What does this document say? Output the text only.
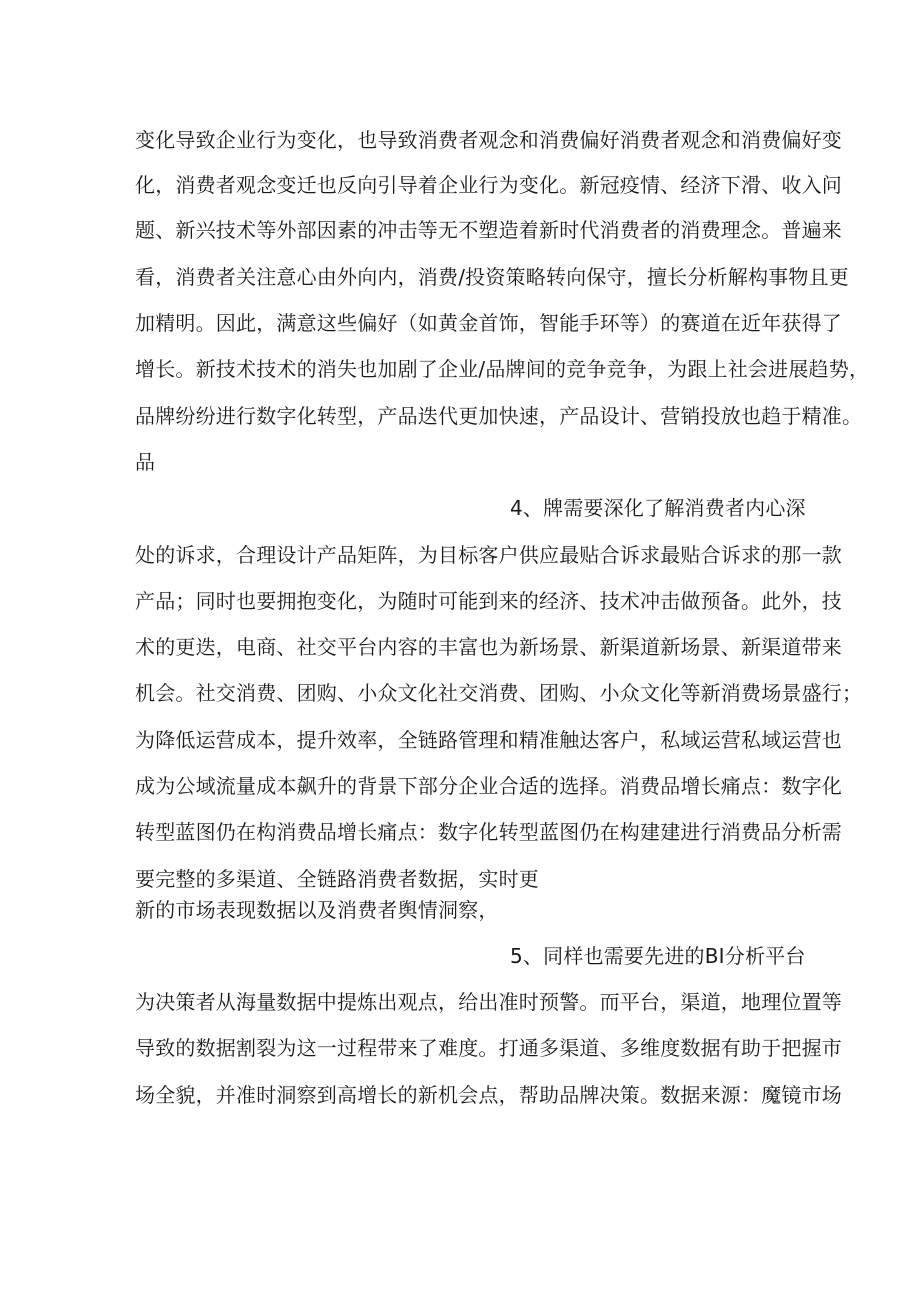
变化导致企业行为变化，也导致消费者观念和消费偏好消费者观念和消费偏好变
化，消费者观念变迁也反向引导着企业行为变化。新冠疫情、经济下滑、收入问
题、新兴技术等外部因素的冲击等无不塑造着新时代消费者的消费理念。普遍来
看，消费者关注意心由外向内，消费/投资策略转向保守，擅长分析解构事物且更
加精明。因此，满意这些偏好（如黄金首饰，智能手环等）的赛道在近年获得了
增长。新技术技术的消失也加剧了企业/品牌间的竞争竞争，为跟上社会进展趋势，
品牌纷纷进行数字化转型，产品迭代更加快速，产品设计、营销投放也趋于精准。
品
4、牌需要深化了解消费者内心深
处的诉求，合理设计产品矩阵，为目标客户供应最贴合诉求最贴合诉求的那一款
产品；同时也要拥抱变化，为随时可能到来的经济、技术冲击做预备。此外，技
术的更迭，电商、社交平台内容的丰富也为新场景、新渠道新场景、新渠道带来
机会。社交消费、团购、小众文化社交消费、团购、小众文化等新消费场景盛行；
为降低运营成本，提升效率，全链路管理和精准触达客户，私域运营私域运营也
成为公域流量成本飙升的背景下部分企业合适的选择。消费品增长痛点：数字化
转型蓝图仍在构消费品增长痛点：数字化转型蓝图仍在构建建进行消费品分析需
要完整的多渠道、全链路消费者数据，实时更
新的市场表现数据以及消费者舆情洞察，
5、同样也需要先进的BI分析平台
为决策者从海量数据中提炼出观点，给出准时预警。而平台，渠道，地理位置等
导致的数据割裂为这一过程带来了难度。打通多渠道、多维度数据有助于把握市
场全貌，并准时洞察到高增长的新机会点，帮助品牌决策。数据来源：魔镜市场
